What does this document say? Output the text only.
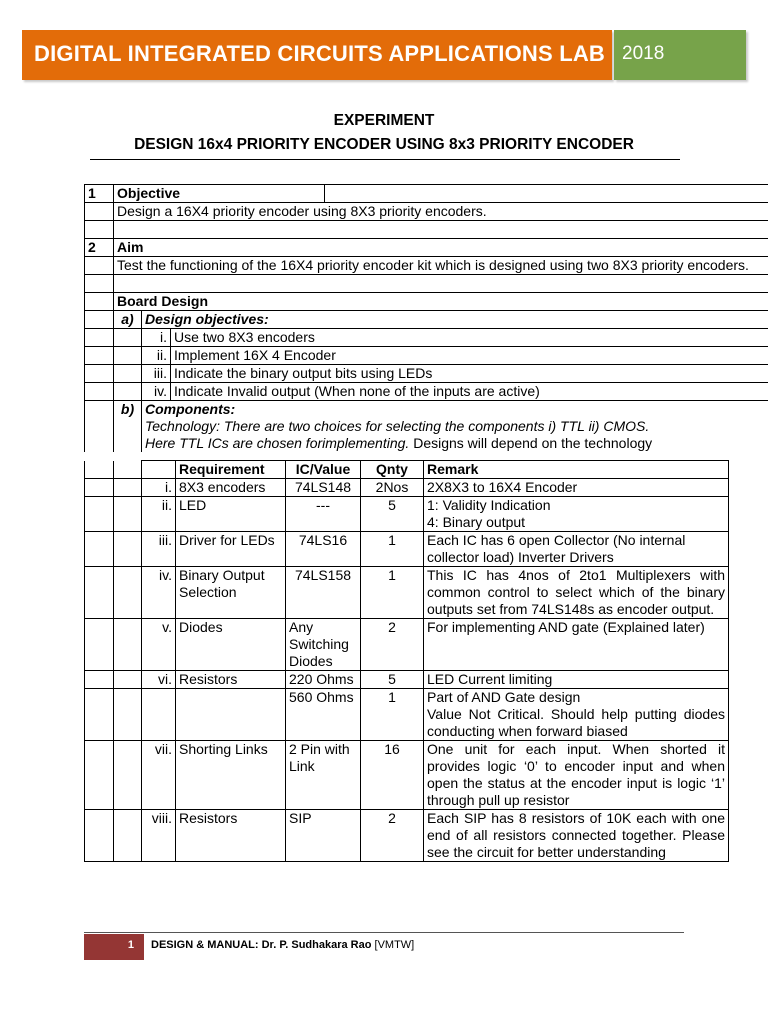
DIGITAL INTEGRATED CIRCUITS APPLICATIONS LAB 2018
EXPERIMENT
DESIGN 16x4 PRIORITY ENCODER USING 8x3 PRIORITY ENCODER
1	Objective			
	Design a 16X4 priority encoder using 8X3 priority encoders.			

2	Aim			
	Test the functioning of the 16X4 priority encoder kit which is designed using two 8X3 priority encoders.			

	Board Design			
	a)	Design objectives:		
		i.	Use two 8X3 encoders	
		ii.	Implement 16X 4 Encoder	
		iii.	Indicate the binary output bits using LEDs	
		iv.	Indicate Invalid output (When none of the inputs are active)	
	b)	Components:
Technology: There are two choices for selecting the components i) TTL ii) CMOS.
Here TTL ICs are chosen forimplementing. Designs will depend on the technology		
			Requirement	IC/Value	Qnty	Remark
		i.	8X3 encoders	74LS148	2Nos	2X8X3 to 16X4 Encoder
		ii.	LED	---	5	1: Validity Indication
4: Binary output

		iii.	Driver for LEDs	74LS16	1	Each IC has 6 open Collector (No internal collector load) Inverter Drivers
		iv.	Binary Output Selection	74LS158	1	This IC has 4nos of 2to1 Multiplexers with common control to select which of the binary outputs set from 74LS148s as encoder output.
		v.	Diodes	Any Switching Diodes	2	For implementing AND gate (Explained later)
		vi.	Resistors	220 Ohms	5	LED Current limiting
				560 Ohms	1	Part of AND Gate design
Value Not Critical. Should help putting diodes conducting when forward biased

		vii.	Shorting Links	2 Pin with Link	16	One unit for each input. When shorted it provides logic ‘0’ to encoder input and when open the status at the encoder input is logic ‘1’ through pull up resistor
		viii.	Resistors	SIP	2	Each SIP has 8 resistors of 10K each with one end of all resistors connected together. Please see the circuit for better understanding
1 DESIGN & MANUAL: Dr. P. Sudhakara Rao [VMTW]
